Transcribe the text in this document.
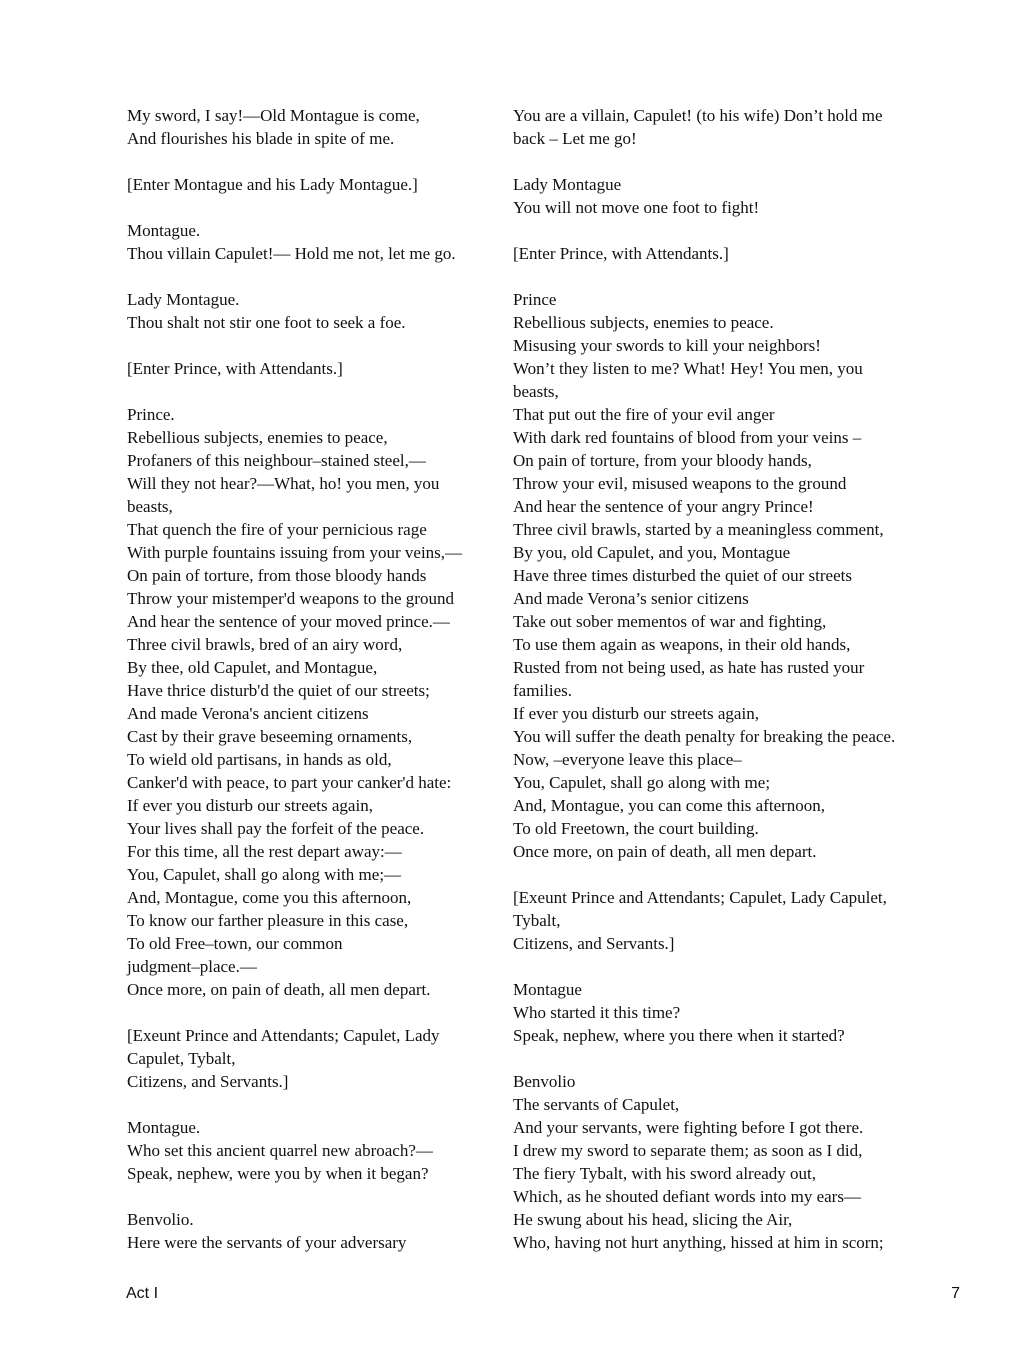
My sword, I say!––Old Montague is come,
And flourishes his blade in spite of me.
[Enter Montague and his Lady Montague.]
Montague.
Thou villain Capulet!–– Hold me not, let me go.
Lady Montague.
Thou shalt not stir one foot to seek a foe.
[Enter Prince, with Attendants.]
Prince.
Rebellious subjects, enemies to peace,
Profaners of this neighbour–stained steel,––
Will they not hear?––What, ho! you men, you
beasts,
That quench the fire of your pernicious rage
With purple fountains issuing from your veins,––
On pain of torture, from those bloody hands
Throw your mistemper'd weapons to the ground
And hear the sentence of your moved prince.––
Three civil brawls, bred of an airy word,
By thee, old Capulet, and Montague,
Have thrice disturb'd the quiet of our streets;
And made Verona's ancient citizens
Cast by their grave beseeming ornaments,
To wield old partisans, in hands as old,
Canker'd with peace, to part your canker'd hate:
If ever you disturb our streets again,
Your lives shall pay the forfeit of the peace.
For this time, all the rest depart away:––
You, Capulet, shall go along with me;––
And, Montague, come you this afternoon,
To know our farther pleasure in this case,
To old Free–town, our common
judgment–place.––
Once more, on pain of death, all men depart.
[Exeunt Prince and Attendants; Capulet, Lady
Capulet, Tybalt,
Citizens, and Servants.]
Montague.
Who set this ancient quarrel new abroach?––
Speak, nephew, were you by when it began?
Benvolio.
Here were the servants of your adversary
You are a villain, Capulet! (to his wife) Don’t hold me
back – Let me go!
Lady Montague
You will not move one foot to fight!
[Enter Prince, with Attendants.]
Prince
Rebellious subjects, enemies to peace.
Misusing your swords to kill your neighbors!
Won’t they listen to me? What! Hey! You men, you
beasts,
That put out the fire of your evil anger
With dark red fountains of blood from your veins –
On pain of torture, from your bloody hands,
Throw your evil, misused weapons to the ground
And hear the sentence of your angry Prince!
Three civil brawls, started by a meaningless comment,
By you, old Capulet, and you, Montague
Have three times disturbed the quiet of our streets
And made Verona’s senior citizens
Take out sober mementos of war and fighting,
To use them again as weapons, in their old hands,
Rusted from not being used, as hate has rusted your
families.
If ever you disturb our streets again,
You will suffer the death penalty for breaking the peace.
Now, –everyone leave this place–
You, Capulet, shall go along with me;
And, Montague, you can come this afternoon,
To old Freetown, the court building.
Once more, on pain of death, all men depart.
[Exeunt Prince and Attendants; Capulet, Lady Capulet,
Tybalt,
Citizens, and Servants.]
Montague
Who started it this time?
Speak, nephew, where you there when it started?
Benvolio
The servants of Capulet,
And your servants, were fighting before I got there.
I drew my sword to separate them; as soon as I did,
The fiery Tybalt, with his sword already out,
Which, as he shouted defiant words into my ears—
He swung about his head, slicing the Air,
Who, having not hurt anything, hissed at him in scorn;
Act I	7
